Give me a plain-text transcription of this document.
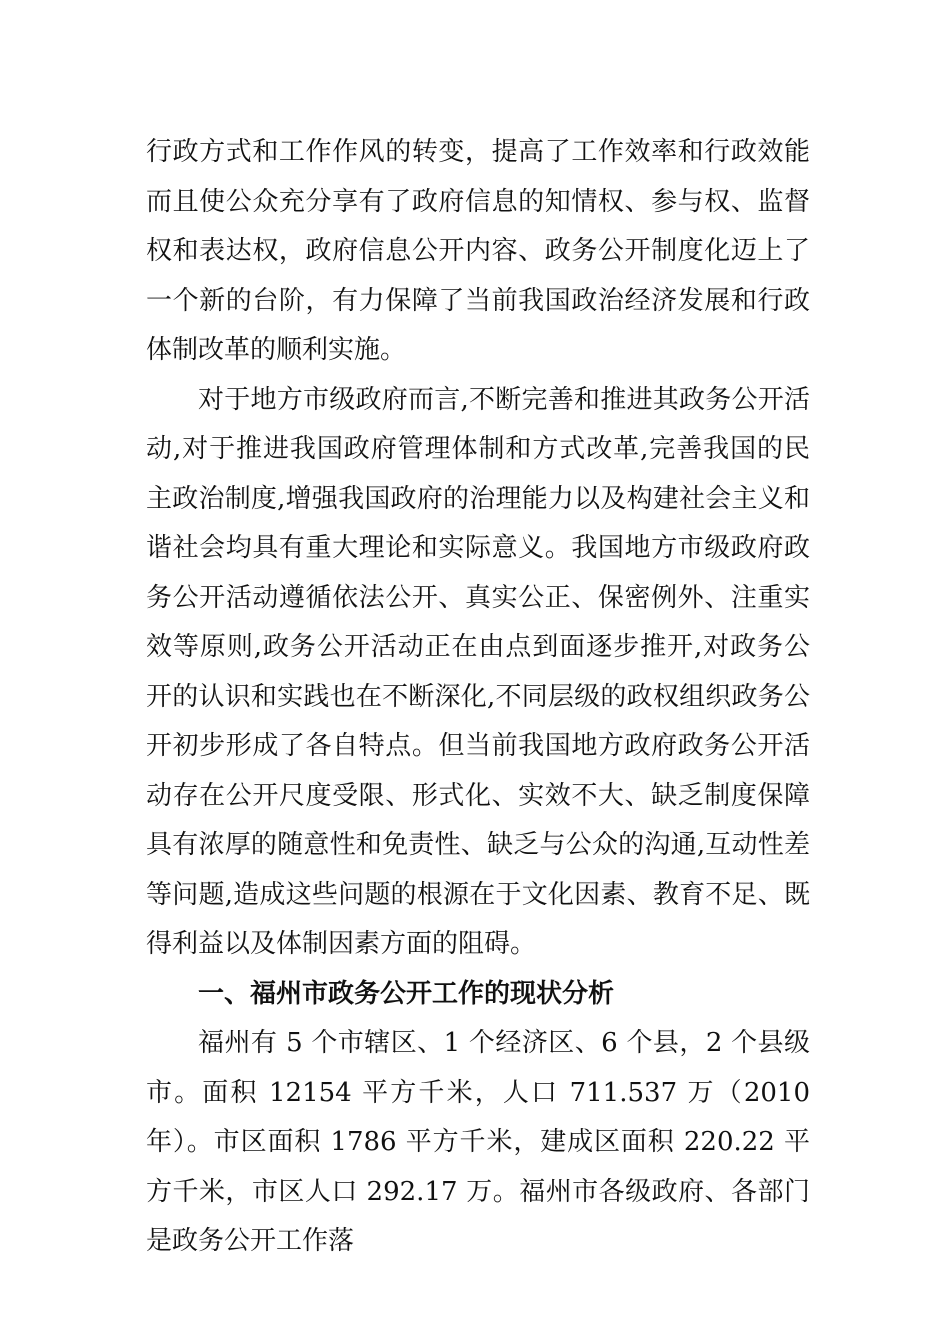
行政方式和工作作风的转变，提高了工作效率和行政效能而且使公众充分享有了政府信息的知情权、参与权、监督权和表达权，政府信息公开内容、政务公开制度化迈上了一个新的台阶，有力保障了当前我国政治经济发展和行政体制改革的顺利实施。

对于地方市级政府而言,不断完善和推进其政务公开活动,对于推进我国政府管理体制和方式改革,完善我国的民主政治制度,增强我国政府的治理能力以及构建社会主义和谐社会均具有重大理论和实际意义。我国地方市级政府政务公开活动遵循依法公开、真实公正、保密例外、注重实效等原则,政务公开活动正在由点到面逐步推开,对政务公开的认识和实践也在不断深化,不同层级的政权组织政务公开初步形成了各自特点。但当前我国地方政府政务公开活动存在公开尺度受限、形式化、实效不大、缺乏制度保障具有浓厚的随意性和免责性、缺乏与公众的沟通,互动性差等问题,造成这些问题的根源在于文化因素、教育不足、既得利益以及体制因素方面的阻碍。

一、福州市政务公开工作的现状分析

福州有 5 个市辖区、1 个经济区、6 个县，2 个县级市。面积 12154 平方千米，人口 711.537 万（2010 年）。市区面积 1786 平方千米，建成区面积 220.22 平方千米，市区人口 292.17 万。福州市各级政府、各部门是政务公开工作落
